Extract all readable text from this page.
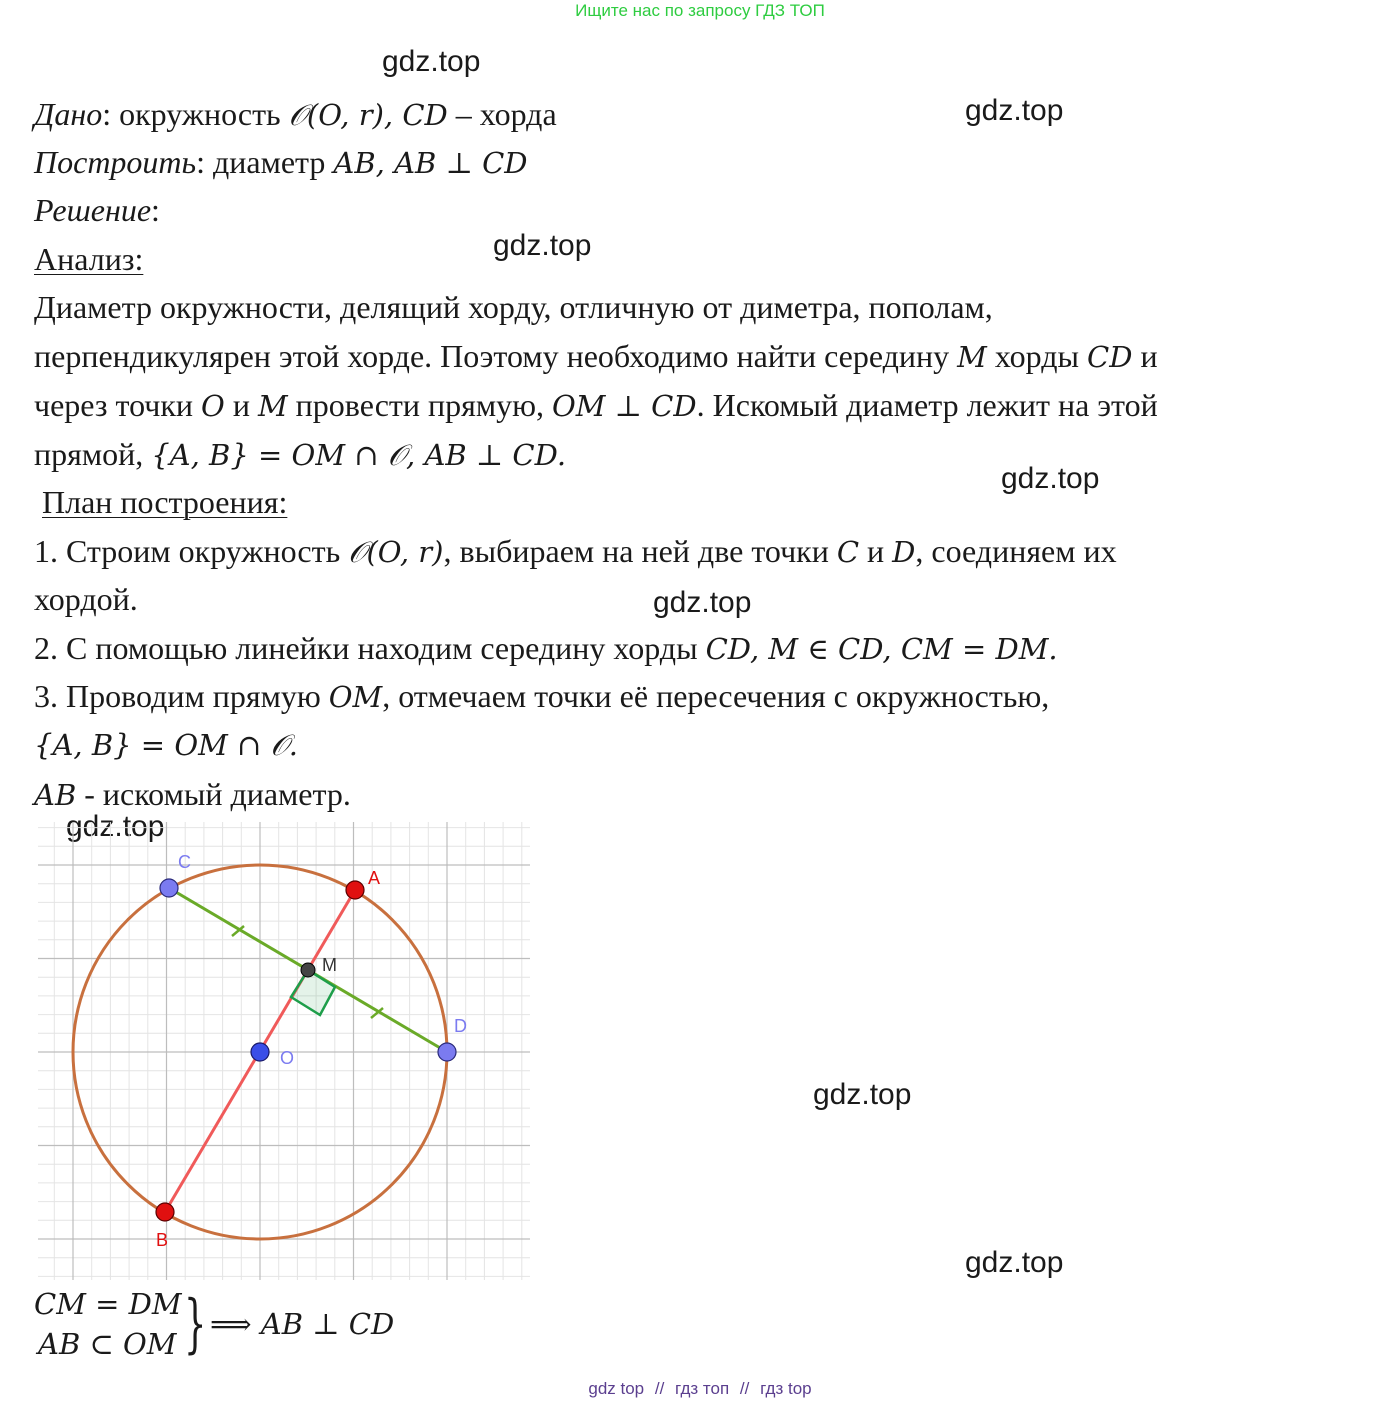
Ищите нас по запросу ГДЗ ТОП
gdz.top
gdz.top
gdz.top
gdz.top
gdz.top
gdz.top
gdz.top
gdz.top
Дано: окружность 𝒪(O, r), CD – хорда
Построить: диаметр AB, AB ⊥ CD
Решение:
Анализ:
Диаметр окружности, делящий хорду, отличную от диметра, пополам,
перпендикулярен этой хорде. Поэтому необходимо найти середину M хорды CD и
через точки O и M провести прямую, OM ⊥ CD. Искомый диаметр лежит на этой
прямой, {A, B} = OM ∩ 𝒪, AB ⊥ CD.
План построения:
1. Строим окружность 𝒪(O, r), выбираем на ней две точки C и D, соединяем их
хордой.
2. С помощью линейки находим середину хорды CD, M ∈ CD, CM = DM.
3. Проводим прямую OM, отмечаем точки её пересечения с окружностью,
{A, B} = OM ∩ 𝒪.
AB - искомый диаметр.
C
A
D
O
B
M
CM = DM
AB ⊂ OM } ⟹ AB ⊥ CD
gdz top // гдз топ // гдз top
